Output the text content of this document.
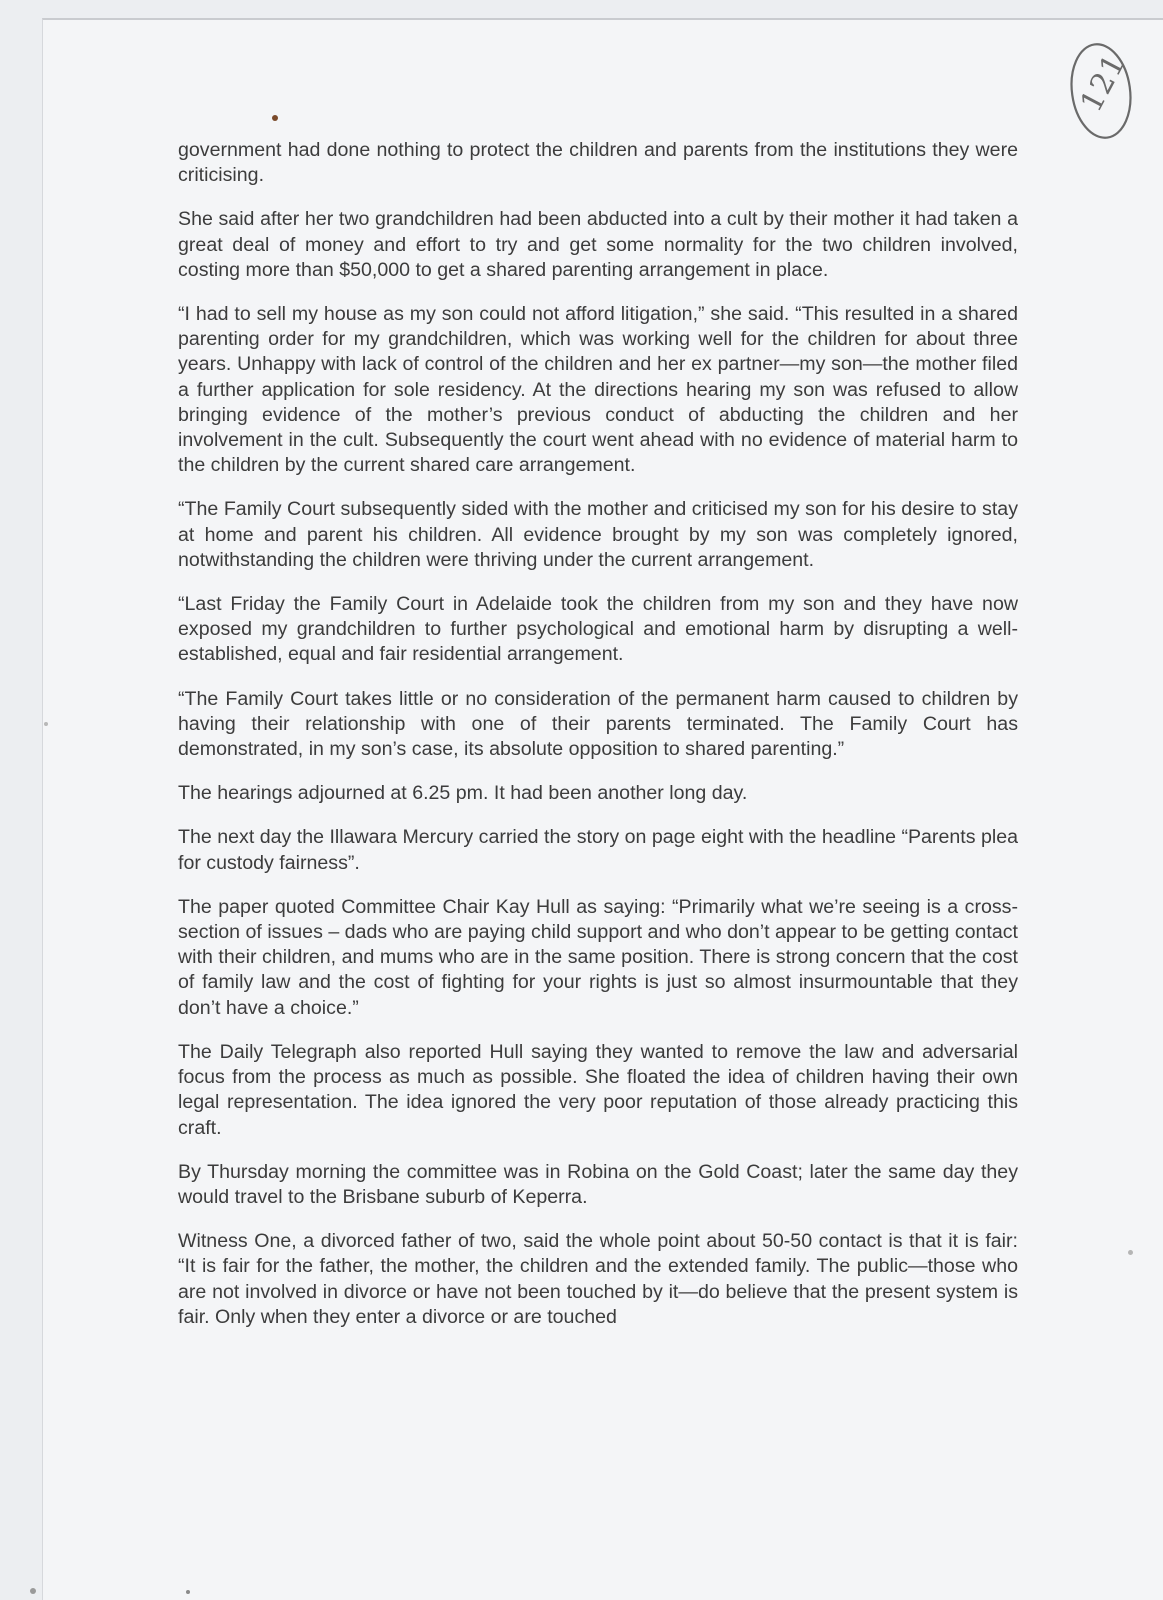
121

government had done nothing to protect the children and parents from the institutions they were criticising.

She said after her two grandchildren had been abducted into a cult by their mother it had taken a great deal of money and effort to try and get some normality for the two children involved, costing more than $50,000 to get a shared parenting arrangement in place.

“I had to sell my house as my son could not afford litigation,” she said. “This resulted in a shared parenting order for my grandchildren, which was working well for the children for about three years. Unhappy with lack of control of the children and her ex partner—my son—the mother filed a further application for sole residency. At the directions hearing my son was refused to allow bringing evidence of the mother’s previous conduct of abducting the children and her involvement in the cult. Subsequently the court went ahead with no evidence of material harm to the children by the current shared care arrangement.

“The Family Court subsequently sided with the mother and criticised my son for his desire to stay at home and parent his children. All evidence brought by my son was completely ignored, notwithstanding the children were thriving under the current arrangement.

“Last Friday the Family Court in Adelaide took the children from my son and they have now exposed my grandchildren to further psychological and emotional harm by disrupting a well-established, equal and fair residential arrangement.

“The Family Court takes little or no consideration of the permanent harm caused to children by having their relationship with one of their parents terminated. The Family Court has demonstrated, in my son’s case, its absolute opposition to shared parenting.”

The hearings adjourned at 6.25 pm. It had been another long day.

The next day the Illawara Mercury carried the story on page eight with the headline “Parents plea for custody fairness”.

The paper quoted Committee Chair Kay Hull as saying: “Primarily what we’re seeing is a cross-section of issues – dads who are paying child support and who don’t appear to be getting contact with their children, and mums who are in the same position. There is strong concern that the cost of family law and the cost of fighting for your rights is just so almost insurmountable that they don’t have a choice.”

The Daily Telegraph also reported Hull saying they wanted to remove the law and adversarial focus from the process as much as possible. She floated the idea of children having their own legal representation. The idea ignored the very poor reputation of those already practicing this craft.

By Thursday morning the committee was in Robina on the Gold Coast; later the same day they would travel to the Brisbane suburb of Keperra.

Witness One, a divorced father of two, said the whole point about 50-50 contact is that it is fair: “It is fair for the father, the mother, the children and the extended family. The public—those who are not involved in divorce or have not been touched by it—do believe that the present system is fair. Only when they enter a divorce or are touched
